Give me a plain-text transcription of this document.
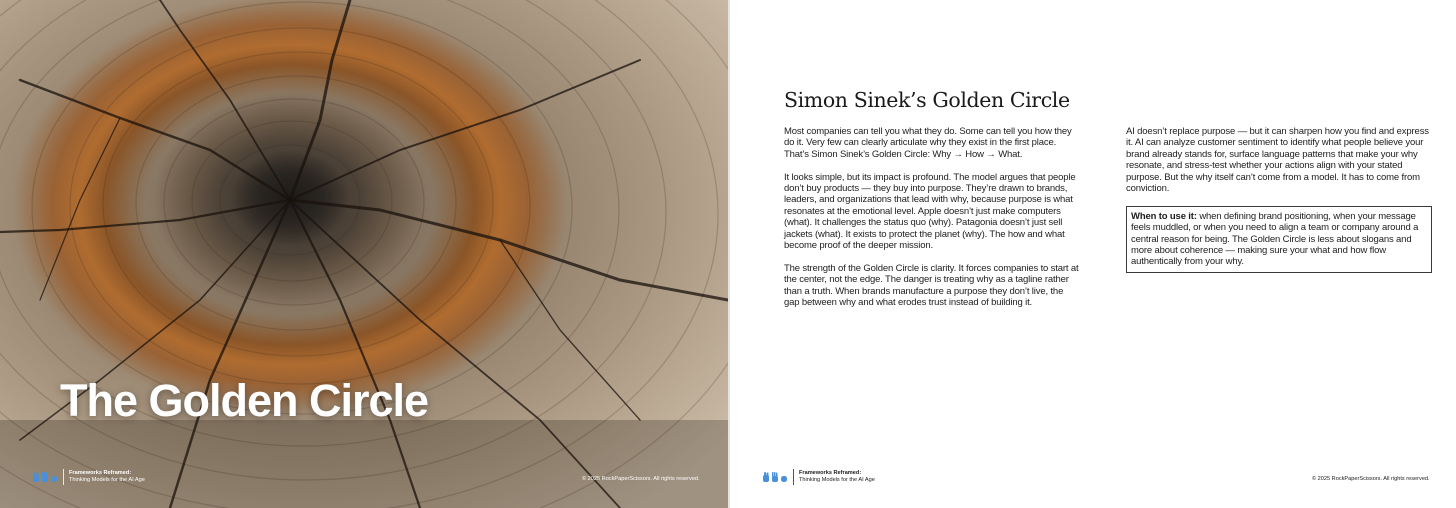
The Golden Circle
Frameworks Reframed:
Thinking Models for the AI Age	© 2025 RockPaperScissors. All rights reserved.
Simon Sinek’s Golden Circle

Most companies can tell you what they do. Some can tell you how they do it. Very few can clearly articulate why they exist in the first place. That’s Simon Sinek’s Golden Circle: Why → How → What.

It looks simple, but its impact is profound. The model argues that people don’t buy products — they buy into purpose. They’re drawn to brands, leaders, and organizations that lead with why, because purpose is what resonates at the emotional level. Apple doesn’t just make computers (what). It challenges the status quo (why). Patagonia doesn’t just sell jackets (what). It exists to protect the planet (why). The how and what become proof of the deeper mission.

The strength of the Golden Circle is clarity. It forces companies to start at the center, not the edge. The danger is treating why as a tagline rather than a truth. When brands manufacture a purpose they don’t live, the gap between why and what erodes trust instead of building it.

AI doesn’t replace purpose — but it can sharpen how you find and express it. AI can analyze customer sentiment to identify what people believe your brand already stands for, surface language patterns that make your why resonate, and stress-test whether your actions align with your stated purpose. But the why itself can’t come from a model. It has to come from conviction.

When to use it: when defining brand positioning, when your message feels muddled, or when you need to align a team or company around a central reason for being. The Golden Circle is less about slogans and more about coherence — making sure your what and how flow authentically from your why.
Frameworks Reframed:
Thinking Models for the AI Age	© 2025 RockPaperScissors. All rights reserved.
